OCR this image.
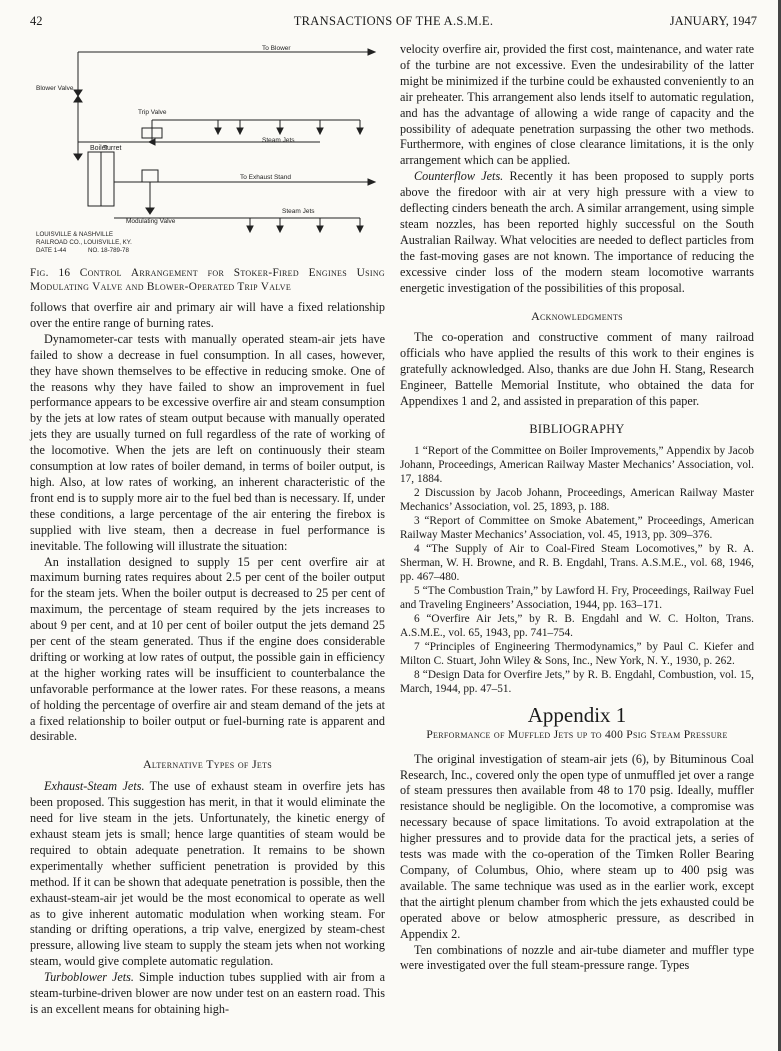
42	TRANSACTIONS OF THE A.S.M.E.	JANUARY, 1947
To Blower
Blower Valve
Trip Valve
Steam Jets
Boiler
Turret
To Exhaust Stand
Steam Jets
Modulating Valve
LOUISVILLE & NASHVILLE
RAILROAD CO., LOUISVILLE, KY.
DATE 1-44	NO. 18-789-78
Fig. 16 Control Arrangement for Stoker-Fired Engines Using Modulating Valve and Blower-Operated Trip Valve

follows that overfire air and primary air will have a fixed relationship over the entire range of burning rates.

Dynamometer-car tests with manually operated steam-air jets have failed to show a decrease in fuel consumption. In all cases, however, they have shown themselves to be effective in reducing smoke. One of the reasons why they have failed to show an improvement in fuel performance appears to be excessive overfire air and steam consumption by the jets at low rates of steam output because with manually operated jets they are usually turned on full regardless of the rate of working of the locomotive. When the jets are left on continuously their steam consumption at low rates of boiler demand, in terms of boiler output, is high. Also, at low rates of working, an inherent characteristic of the front end is to supply more air to the fuel bed than is necessary. If, under these conditions, a large percentage of the air entering the firebox is supplied with live steam, then a decrease in fuel performance is inevitable. The following will illustrate the situation:

An installation designed to supply 15 per cent overfire air at maximum burning rates requires about 2.5 per cent of the boiler output for the steam jets. When the boiler output is decreased to 25 per cent of maximum, the percentage of steam required by the jets increases to about 9 per cent, and at 10 per cent of boiler output the jets demand 25 per cent of the steam generated. Thus if the engine does considerable drifting or working at low rates of output, the possible gain in efficiency at the higher working rates will be insufficient to counterbalance the unfavorable performance at the lower rates. For these reasons, a means of holding the percentage of overfire air and steam demand of the jets at a fixed relationship to boiler output or fuel-burning rate is apparent and desirable.

Alternative Types of Jets

Exhaust-Steam Jets. The use of exhaust steam in overfire jets has been proposed. This suggestion has merit, in that it would eliminate the need for live steam in the jets. Unfortunately, the kinetic energy of exhaust steam jets is small; hence large quantities of steam would be required to obtain adequate penetration. It remains to be shown experimentally whether sufficient penetration is provided by this method. If it can be shown that adequate penetration is possible, then the exhaust-steam-air jet would be the most economical to operate as well as to give inherent automatic modulation when working steam. For standing or drifting operations, a trip valve, energized by steam-chest pressure, allowing live steam to supply the steam jets when not working steam, would give complete automatic regulation.

Turboblower Jets. Simple induction tubes supplied with air from a steam-turbine-driven blower are now under test on an eastern road. This is an excellent means for obtaining high-

velocity overfire air, provided the first cost, maintenance, and water rate of the turbine are not excessive. Even the undesirability of the latter might be minimized if the turbine could be exhausted conveniently to an air preheater. This arrangement also lends itself to automatic regulation, and has the advantage of allowing a wide range of capacity and the possibility of adequate penetration surpassing the other two methods. Furthermore, with engines of close clearance limitations, it is the only arrangement which can be applied.

Counterflow Jets. Recently it has been proposed to supply ports above the firedoor with air at very high pressure with a view to deflecting cinders beneath the arch. A similar arrangement, using simple steam nozzles, has been reported highly successful on the South Australian Railway. What velocities are needed to deflect particles from the fast-moving gases are not known. The importance of reducing the excessive cinder loss of the modern steam locomotive warrants energetic investigation of the possibilities of this proposal.

Acknowledgments

The co-operation and constructive comment of many railroad officials who have applied the results of this work to their engines is gratefully acknowledged. Also, thanks are due John H. Stang, Research Engineer, Battelle Memorial Institute, who obtained the data for Appendixes 1 and 2, and assisted in preparation of this paper.

BIBLIOGRAPHY

1 “Report of the Committee on Boiler Improvements,” Appendix by Jacob Johann, Proceedings, American Railway Master Mechanics’ Association, vol. 17, 1884.

2 Discussion by Jacob Johann, Proceedings, American Railway Master Mechanics’ Association, vol. 25, 1893, p. 188.

3 “Report of Committee on Smoke Abatement,” Proceedings, American Railway Master Mechanics’ Association, vol. 45, 1913, pp. 309–376.

4 “The Supply of Air to Coal-Fired Steam Locomotives,” by R. A. Sherman, W. H. Browne, and R. B. Engdahl, Trans. A.S.M.E., vol. 68, 1946, pp. 467–480.

5 “The Combustion Train,” by Lawford H. Fry, Proceedings, Railway Fuel and Traveling Engineers’ Association, 1944, pp. 163–171.

6 “Overfire Air Jets,” by R. B. Engdahl and W. C. Holton, Trans. A.S.M.E., vol. 65, 1943, pp. 741–754.

7 “Principles of Engineering Thermodynamics,” by Paul C. Kiefer and Milton C. Stuart, John Wiley & Sons, Inc., New York, N. Y., 1930, p. 262.

8 “Design Data for Overfire Jets,” by R. B. Engdahl, Combustion, vol. 15, March, 1944, pp. 47–51.

Appendix 1
Performance of Muffled Jets up to 400 Psig Steam Pressure

The original investigation of steam-air jets (6), by Bituminous Coal Research, Inc., covered only the open type of unmuffled jet over a range of steam pressures then available from 48 to 170 psig. Ideally, muffler resistance should be negligible. On the locomotive, a compromise was necessary because of space limitations. To avoid extrapolation at the higher pressures and to provide data for the practical jets, a series of tests was made with the co-operation of the Timken Roller Bearing Company, of Columbus, Ohio, where steam up to 400 psig was available. The same technique was used as in the earlier work, except that the airtight plenum chamber from which the jets exhausted could be operated above or below atmospheric pressure, as described in Appendix 2.

Ten combinations of nozzle and air-tube diameter and muffler type were investigated over the full steam-pressure range. Types
